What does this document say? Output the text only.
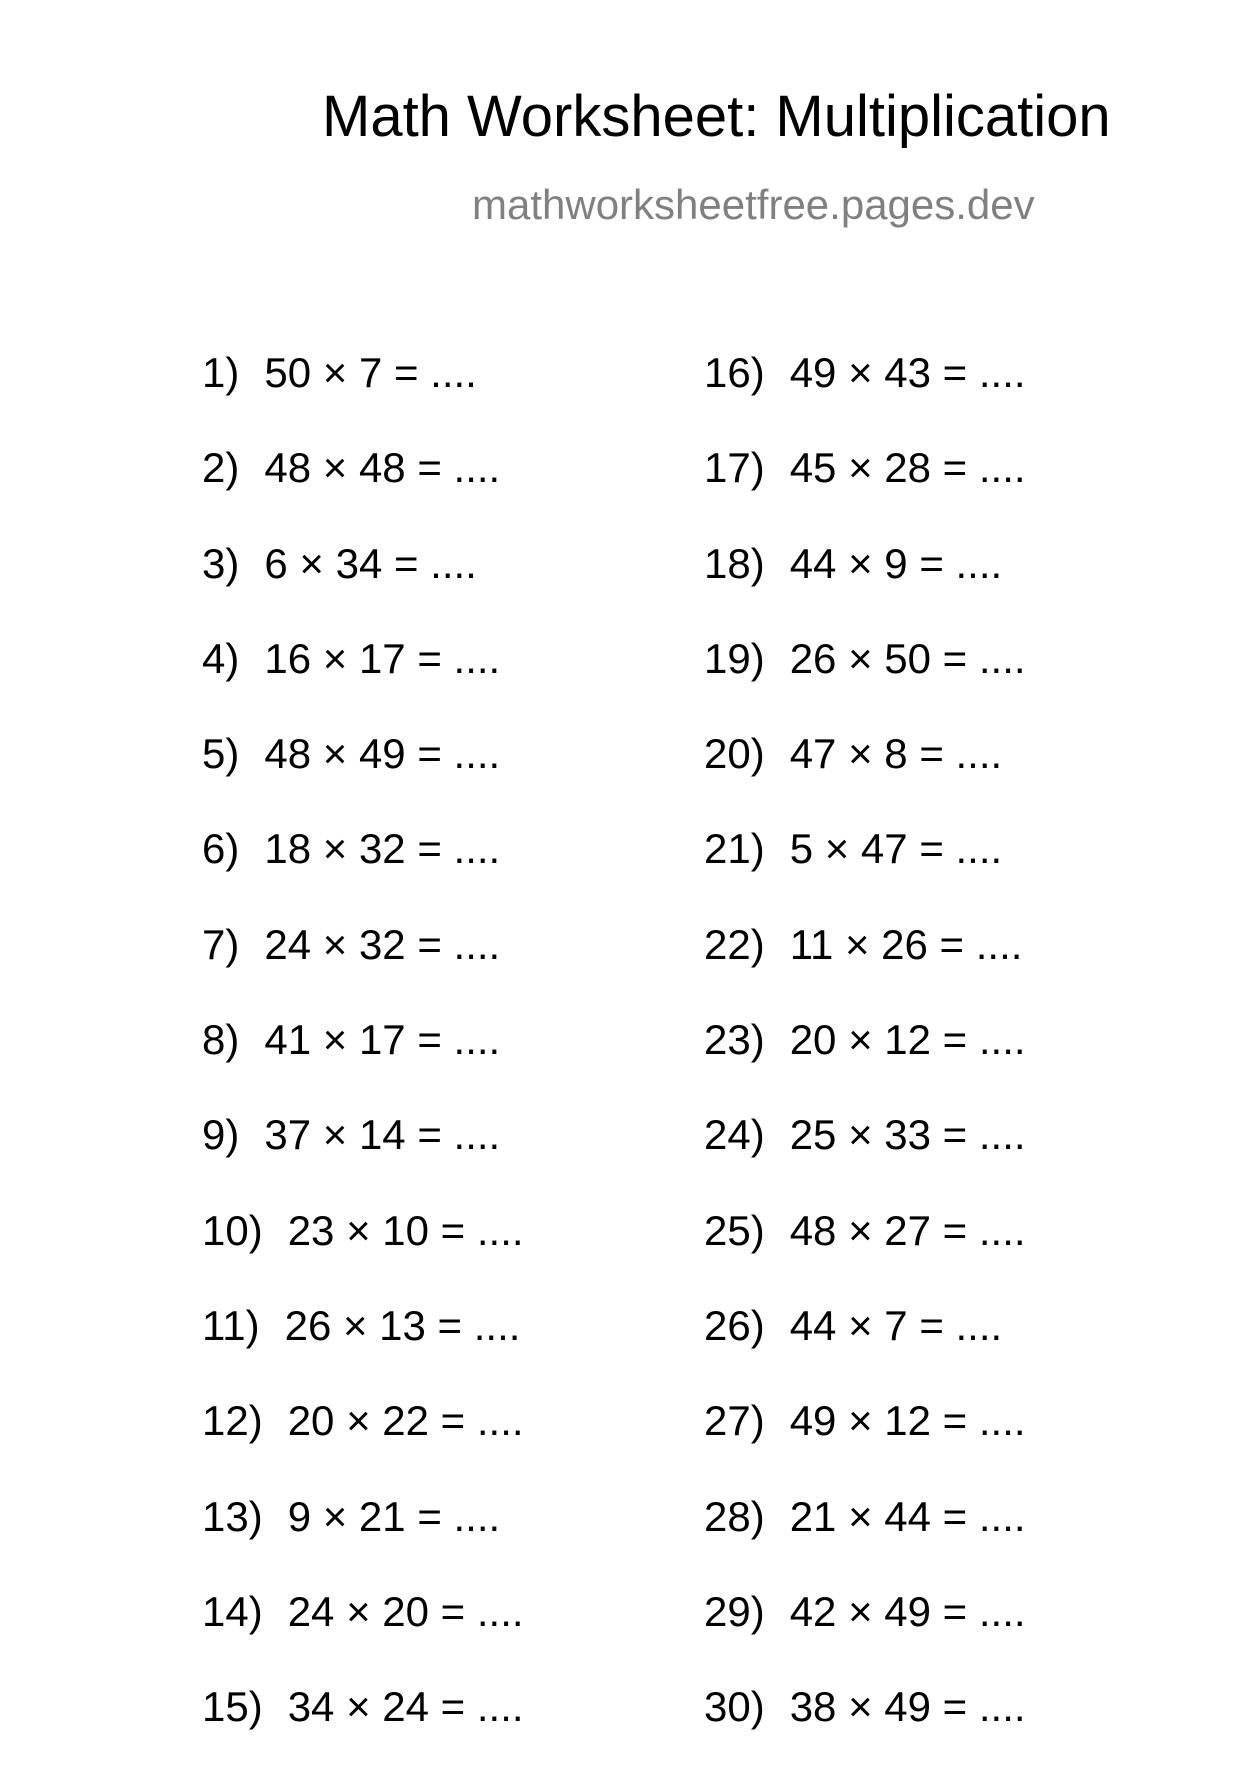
Math Worksheet: Multiplication
mathworksheetfree.pages.dev
1) 50 × 7 = ....
2) 48 × 48 = ....
3) 6 × 34 = ....
4) 16 × 17 = ....
5) 48 × 49 = ....
6) 18 × 32 = ....
7) 24 × 32 = ....
8) 41 × 17 = ....
9) 37 × 14 = ....
10) 23 × 10 = ....
11) 26 × 13 = ....
12) 20 × 22 = ....
13) 9 × 21 = ....
14) 24 × 20 = ....
15) 34 × 24 = ....
16) 49 × 43 = ....
17) 45 × 28 = ....
18) 44 × 9 = ....
19) 26 × 50 = ....
20) 47 × 8 = ....
21) 5 × 47 = ....
22) 11 × 26 = ....
23) 20 × 12 = ....
24) 25 × 33 = ....
25) 48 × 27 = ....
26) 44 × 7 = ....
27) 49 × 12 = ....
28) 21 × 44 = ....
29) 42 × 49 = ....
30) 38 × 49 = ....
